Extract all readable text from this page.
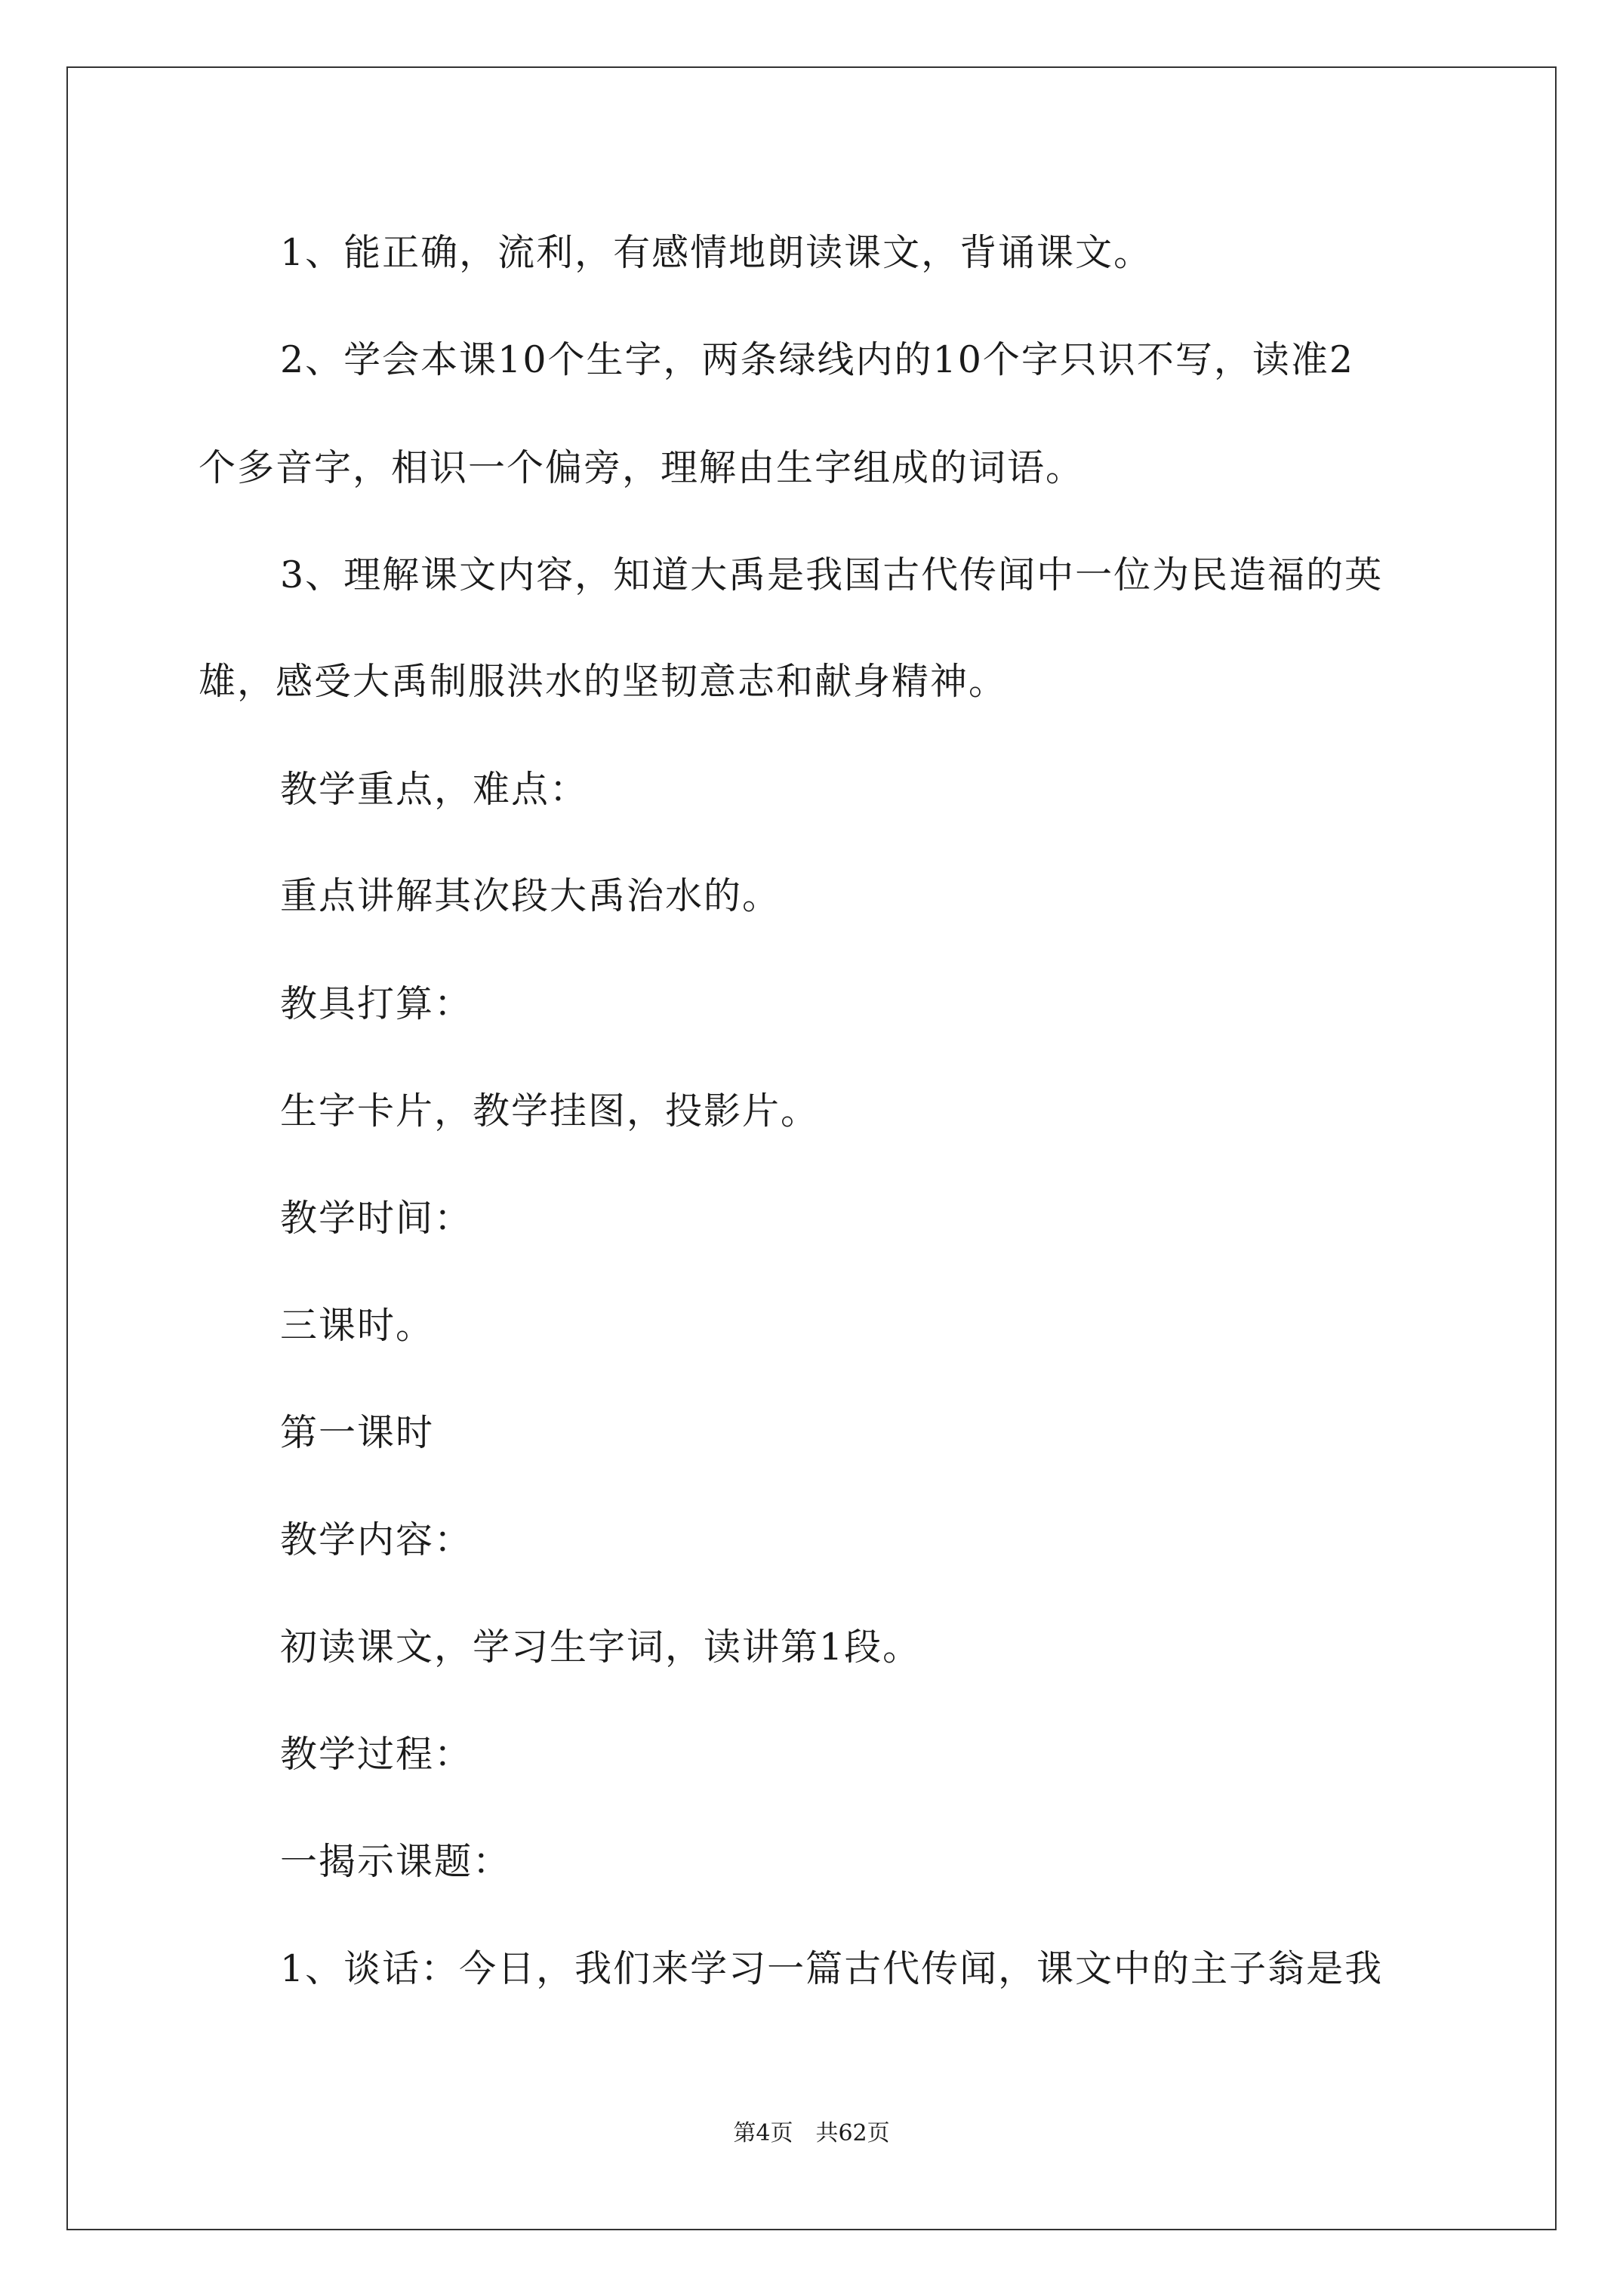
1、能正确，流利，有感情地朗读课文，背诵课文。
2、学会本课10个生字，两条绿线内的10个字只识不写，读准2
个多音字，相识一个偏旁，理解由生字组成的词语。
3、理解课文内容，知道大禹是我国古代传闻中一位为民造福的英
雄，感受大禹制服洪水的坚韧意志和献身精神。
教学重点，难点：
重点讲解其次段大禹治水的。
教具打算：
生字卡片，教学挂图，投影片。
教学时间：
三课时。
第一课时
教学内容：
初读课文，学习生字词，读讲第1段。
教学过程：
一揭示课题：
1、谈话：今日，我们来学习一篇古代传闻，课文中的主子翁是我
第4页　共62页
